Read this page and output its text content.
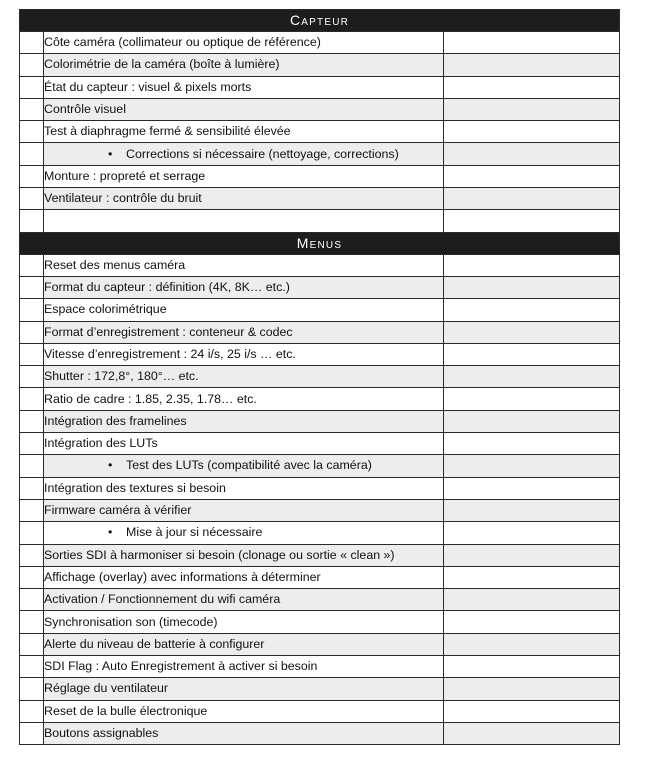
Capteur		
	Côte caméra (collimateur ou optique de référence)	
	Colorimétrie de la caméra (boîte à lumière)	
	État du capteur : visuel & pixels morts	
	Contrôle visuel	
	Test à diaphragme fermé & sensibilité élevée	
	• Corrections si nécessaire (nettoyage, corrections)	
	Monture : propreté et serrage	
	Ventilateur : contrôle du bruit	

Menus		
	Reset des menus caméra	
	Format du capteur : définition (4K, 8K… etc.)	
	Espace colorimétrique	
	Format d’enregistrement : conteneur & codec	
	Vitesse d’enregistrement : 24 i/s, 25 i/s … etc.	
	Shutter : 172,8°, 180°… etc.	
	Ratio de cadre : 1.85, 2.35, 1.78… etc.	
	Intégration des framelines	
	Intégration des LUTs	
	• Test des LUTs (compatibilité avec la caméra)	
	Intégration des textures si besoin	
	Firmware caméra à vérifier	
	• Mise à jour si nécessaire	
	Sorties SDI à harmoniser si besoin (clonage ou sortie « clean »)	
	Affichage (overlay) avec informations à déterminer	
	Activation / Fonctionnement du wifi caméra	
	Synchronisation son (timecode)	
	Alerte du niveau de batterie à configurer	
	SDI Flag : Auto Enregistrement à activer si besoin	
	Réglage du ventilateur	
	Reset de la bulle électronique	
	Boutons assignables	
